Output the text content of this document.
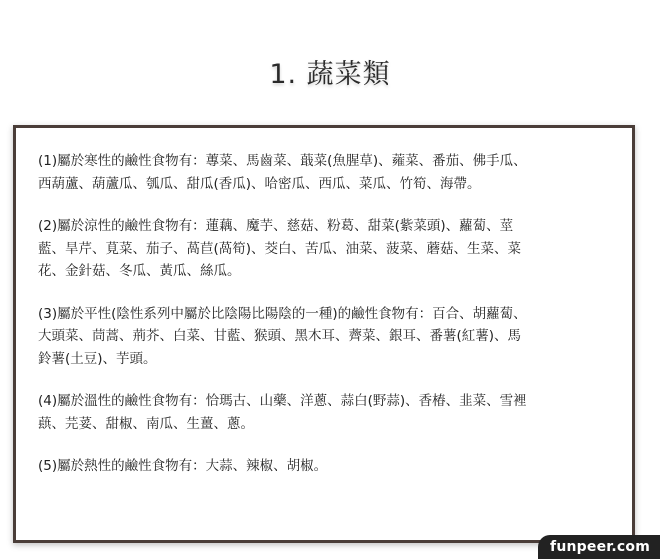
1. 蔬菜類
(1)屬於寒性的鹼性食物有：蓴菜、馬齒菜、蕺菜(魚腥草)、蕹菜、番茄、佛手瓜、
西葫蘆、葫蘆瓜、瓠瓜、甜瓜(香瓜)、哈密瓜、西瓜、菜瓜、竹筍、海帶。
(2)屬於涼性的鹼性食物有：蓮藕、魔芋、慈菇、粉葛、甜菜(紫菜頭)、蘿蔔、莖
藍、旱芹、莧菜、茄子、萵苣(萵筍)、茭白、苦瓜、油菜、菠菜、蘑菇、生菜、菜
花、金針菇、冬瓜、黃瓜、絲瓜。
(3)屬於平性(陰性系列中屬於比陰陽比陽陰的一種)的鹼性食物有：百合、胡蘿蔔、
大頭菜、茼蒿、荊芥、白菜、甘藍、猴頭、黑木耳、薺菜、銀耳、番薯(紅薯)、馬
鈴薯(土豆)、芋頭。
(4)屬於溫性的鹼性食物有：恰瑪古、山藥、洋蔥、蒜白(野蒜)、香椿、韭菜、雪裡
蕻、芫荽、甜椒、南瓜、生薑、蔥。
(5)屬於熱性的鹼性食物有：大蒜、辣椒、胡椒。
funpeer.com
